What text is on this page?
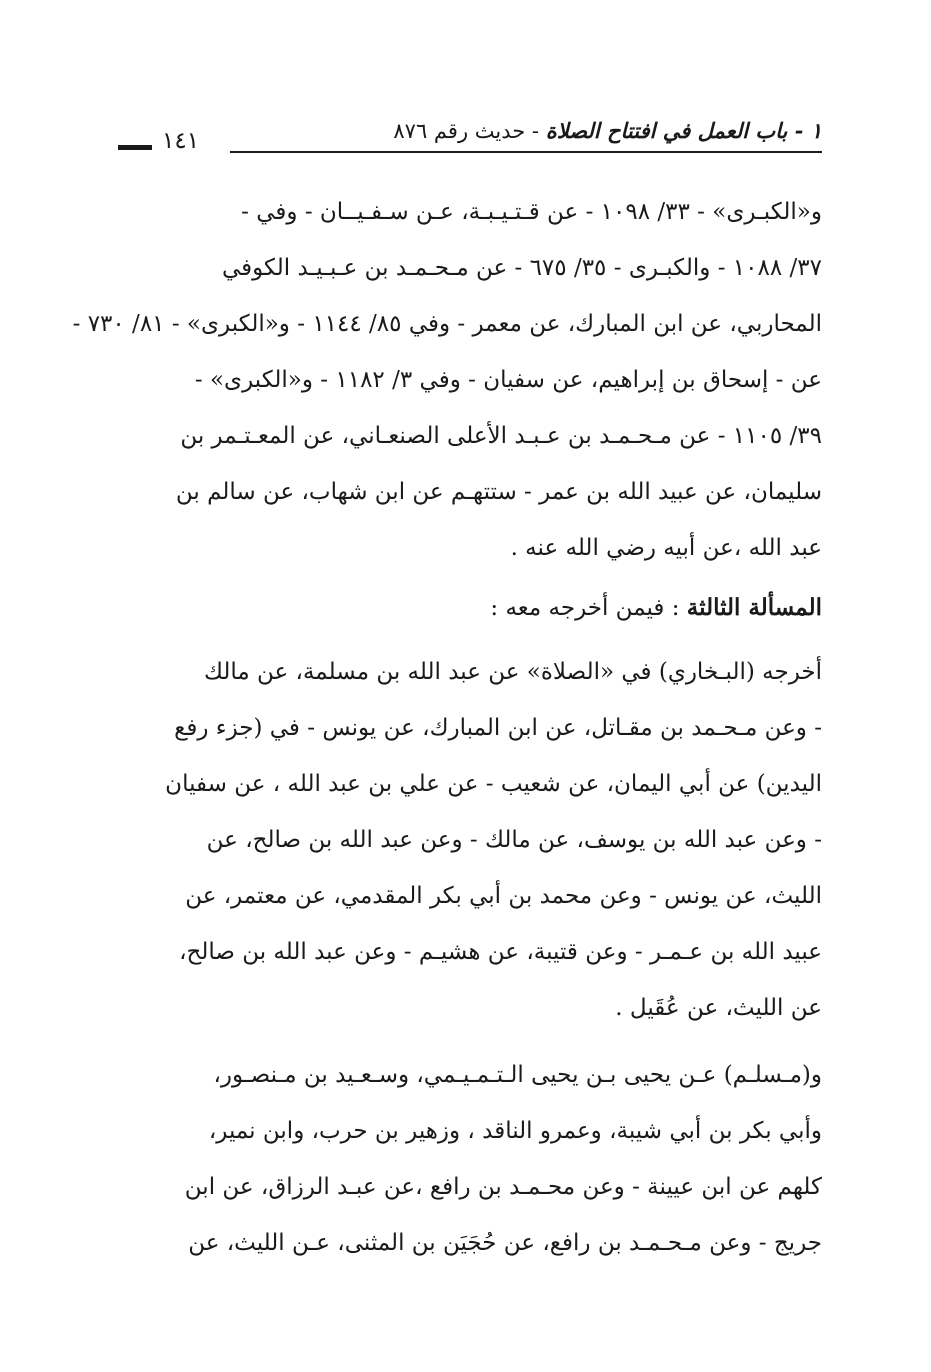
١ - باب العمل في افتتاح الصلاة - حديث رقم ٨٧٦
١٤١
و«الكبـرى» - ٣٣/ ١٠٩٨ - عن قـتـيـبـة، عـن سـفـيــان - وفي -
٣٧/ ١٠٨٨ - والكبـرى - ٣٥/ ٦٧٥ - عن مـحـمـد بن عـبـيـد الكوفي
المحاربي، عن ابن المبارك، عن معمر - وفي ٨٥/ ١١٤٤ - و«الكبرى» - ٨١/ ٧٣٠ -
عن - إسحاق بن إبراهيم، عن سفيان - وفي ٣/ ١١٨٢ - و«الكبرى» -
٣٩/ ١١٠٥ - عن مـحـمـد بن عـبـد الأعلى الصنعـاني، عن المعـتـمر بن
سليمان، عن عبيد الله بن عمر - ستتهـم عن ابن شهاب، عن سالم بن
عبد الله ،عن أبيه رضي الله عنه .
المسألة الثالثة : فيمن أخرجه معه :
أخرجه (البـخاري) في «الصلاة» عن عبد الله بن مسلمة، عن مالك
- وعن مـحـمد بن مقـاتل، عن ابن المبارك، عن يونس - في (جزء رفع
اليدين) عن أبي اليمان، عن شعيب - عن علي بن عبد الله ، عن سفيان
- وعن عبد الله بن يوسف، عن مالك - وعن عبد الله بن صالح، عن
الليث، عن يونس - وعن محمد بن أبي بكر المقدمي، عن معتمر، عن
عبيد الله بن عـمـر - وعن قتيبة، عن هشيـم - وعن عبد الله بن صالح،
عن الليث، عن عُقَيل .
و(مـسلـم) عـن يحيى بـن يحيى الـتـمـيـمي، وسـعـيد بن مـنصـور،
وأبي بكر بن أبي شيبة، وعمرو الناقد ، وزهير بن حرب، وابن نمير،
كلهم عن ابن عيينة - وعن محـمـد بن رافع ،عن عبـد الرزاق، عن ابن
جريج - وعن مـحـمـد بن رافع، عن حُجَيَن بن المثنى، عـن الليث، عن
